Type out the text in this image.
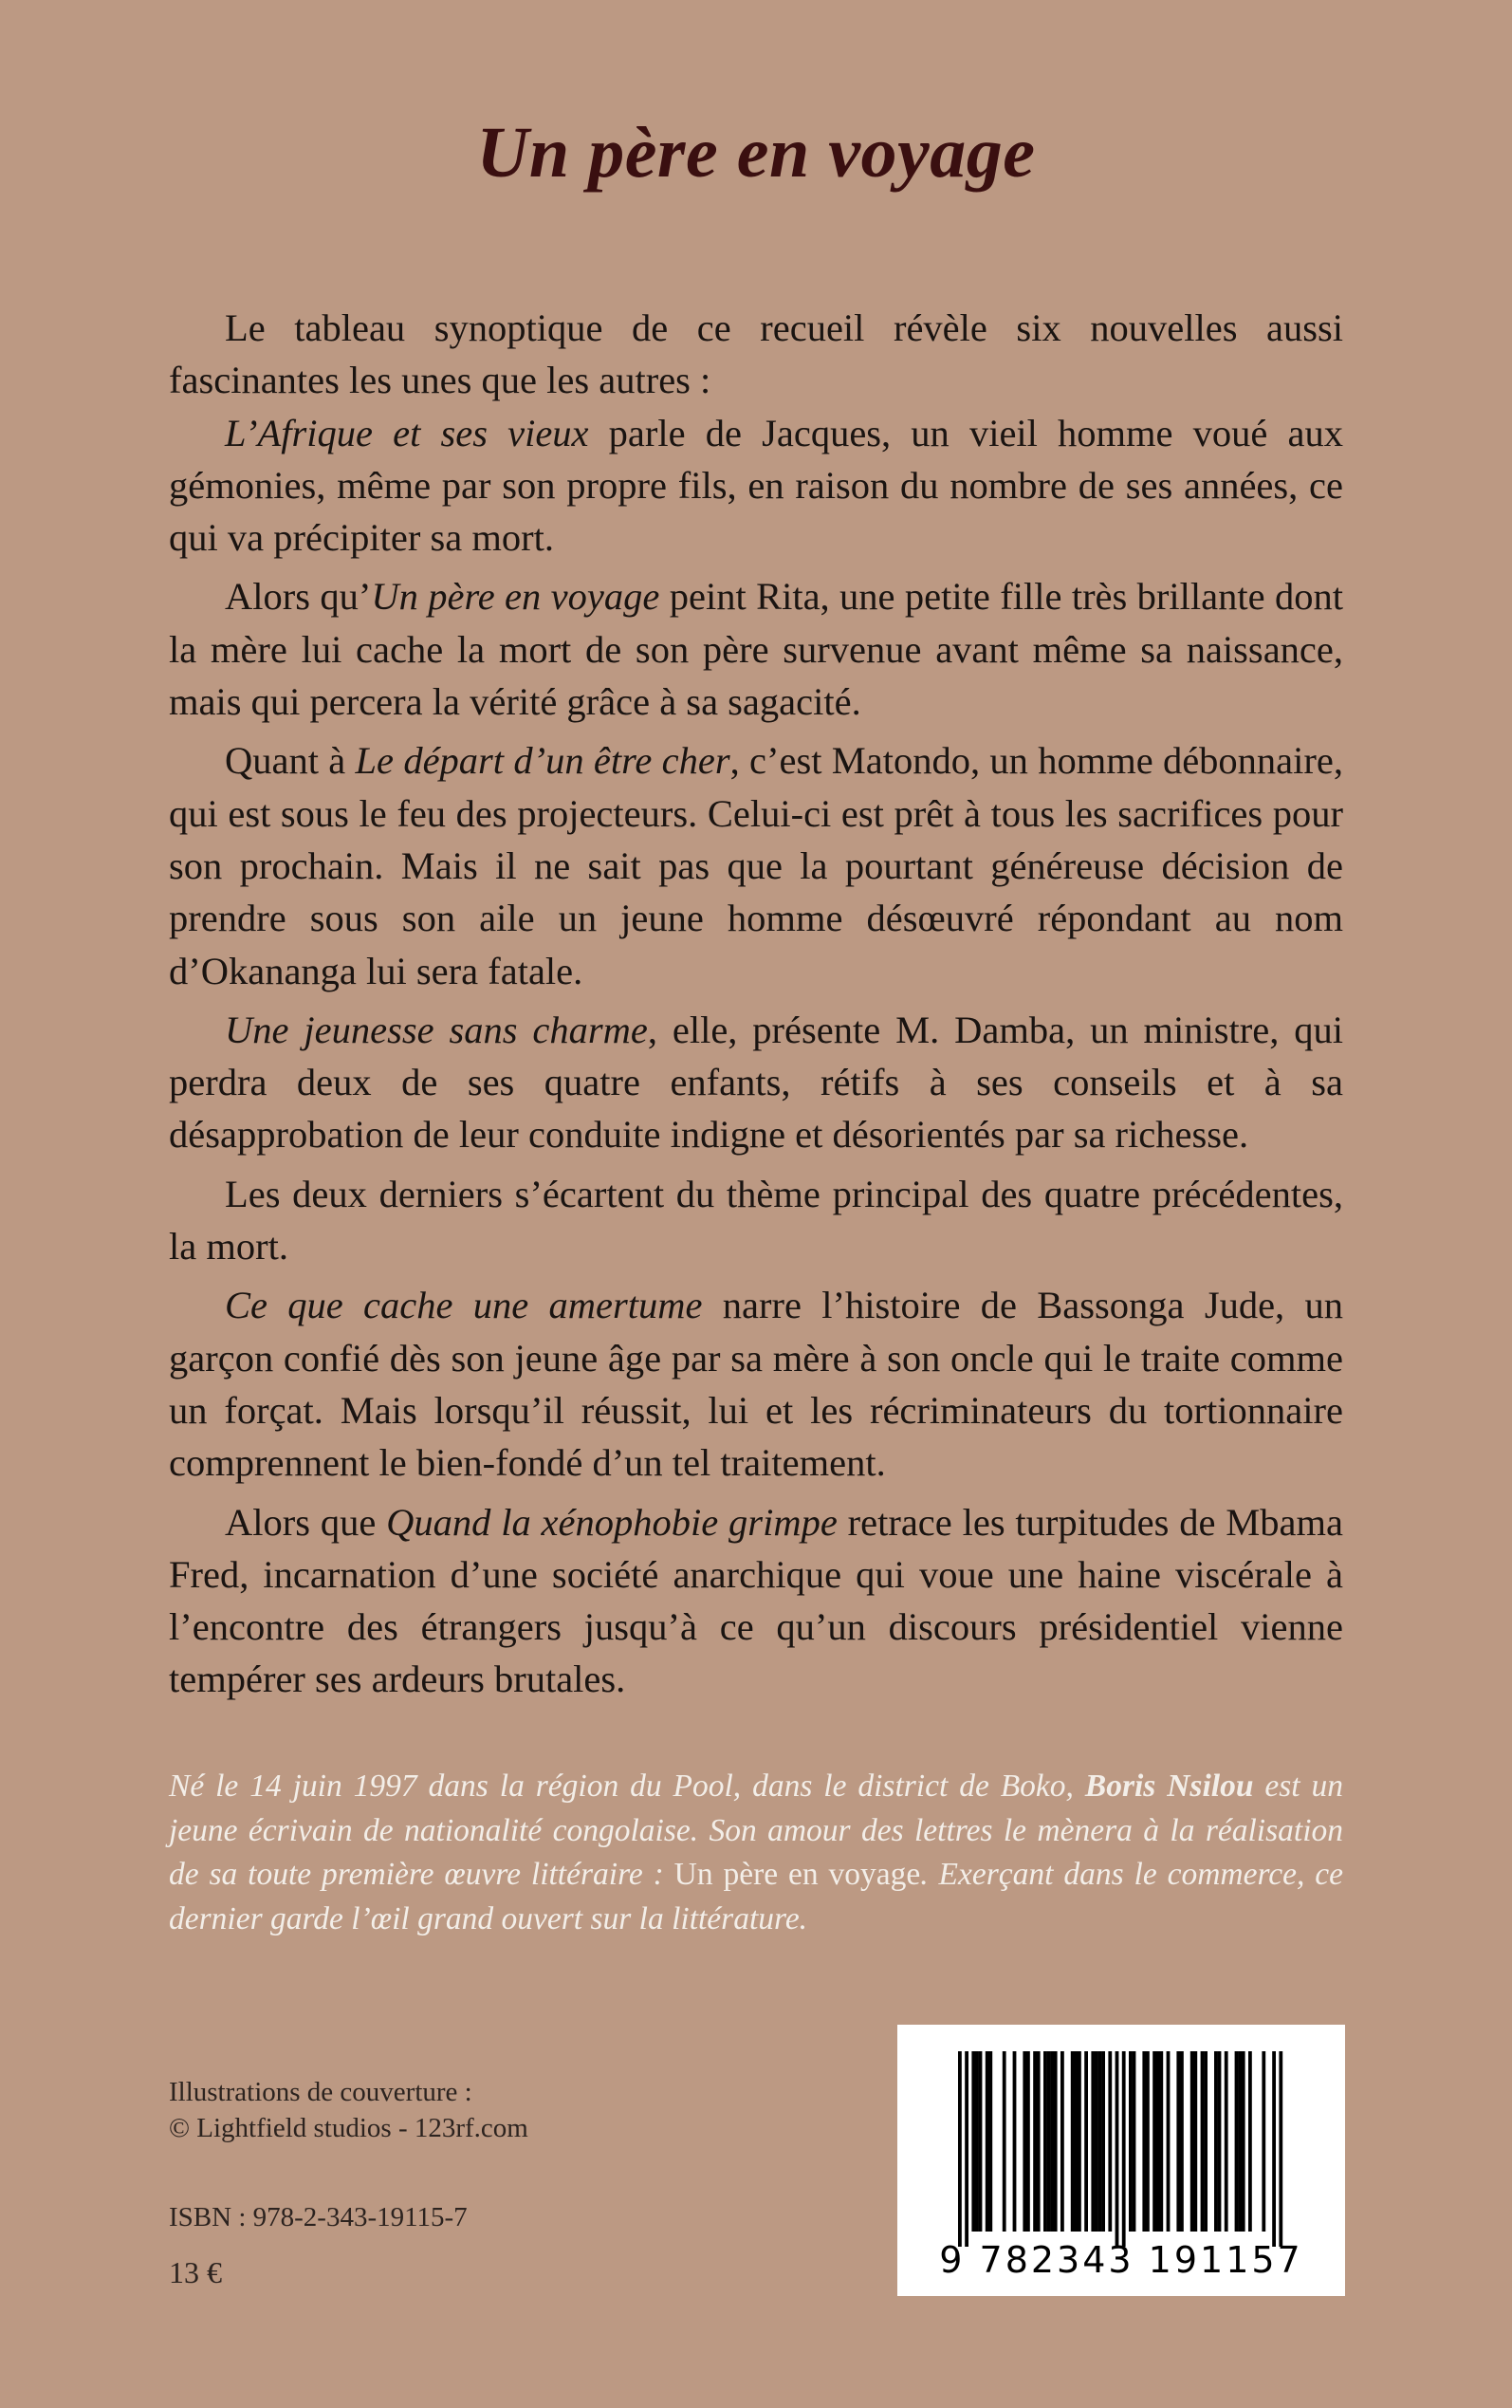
Un père en voyage

Le tableau synoptique de ce recueil révèle six nouvelles aussi fascinantes les unes que les autres :

L’Afrique et ses vieux parle de Jacques, un vieil homme voué aux gémonies, même par son propre fils, en raison du nombre de ses années, ce qui va précipiter sa mort.

Alors qu’Un père en voyage peint Rita, une petite fille très brillante dont la mère lui cache la mort de son père survenue avant même sa naissance, mais qui percera la vérité grâce à sa sagacité.

Quant à Le départ d’un être cher, c’est Matondo, un homme débonnaire, qui est sous le feu des projecteurs. Celui-ci est prêt à tous les sacrifices pour son prochain. Mais il ne sait pas que la pourtant généreuse décision de prendre sous son aile un jeune homme désœuvré répondant au nom d’Okananga lui sera fatale.

Une jeunesse sans charme, elle, présente M. Damba, un ministre, qui perdra deux de ses quatre enfants, rétifs à ses conseils et à sa désapprobation de leur conduite indigne et désorientés par sa richesse.

Les deux derniers s’écartent du thème principal des quatre précédentes, la mort.

Ce que cache une amertume narre l’histoire de Bassonga Jude, un garçon confié dès son jeune âge par sa mère à son oncle qui le traite comme un forçat. Mais lorsqu’il réussit, lui et les récriminateurs du tortionnaire comprennent le bien-fondé d’un tel traitement.

Alors que Quand la xénophobie grimpe retrace les turpitudes de Mbama Fred, incarnation d’une société anarchique qui voue une haine viscérale à l’encontre des étrangers jusqu’à ce qu’un discours présidentiel vienne tempérer ses ardeurs brutales.

Né le 14 juin 1997 dans la région du Pool, dans le district de Boko, Boris Nsilou est un jeune écrivain de nationalité congolaise. Son amour des lettres le mènera à la réalisation de sa toute première œuvre littéraire : Un père en voyage. Exerçant dans le commerce, ce dernier garde l’œil grand ouvert sur la littérature.
Illustrations de couverture :
© Lightfield studios - 123rf.com
ISBN : 978-2-343-19115-7
13 €	9 782343 191157
